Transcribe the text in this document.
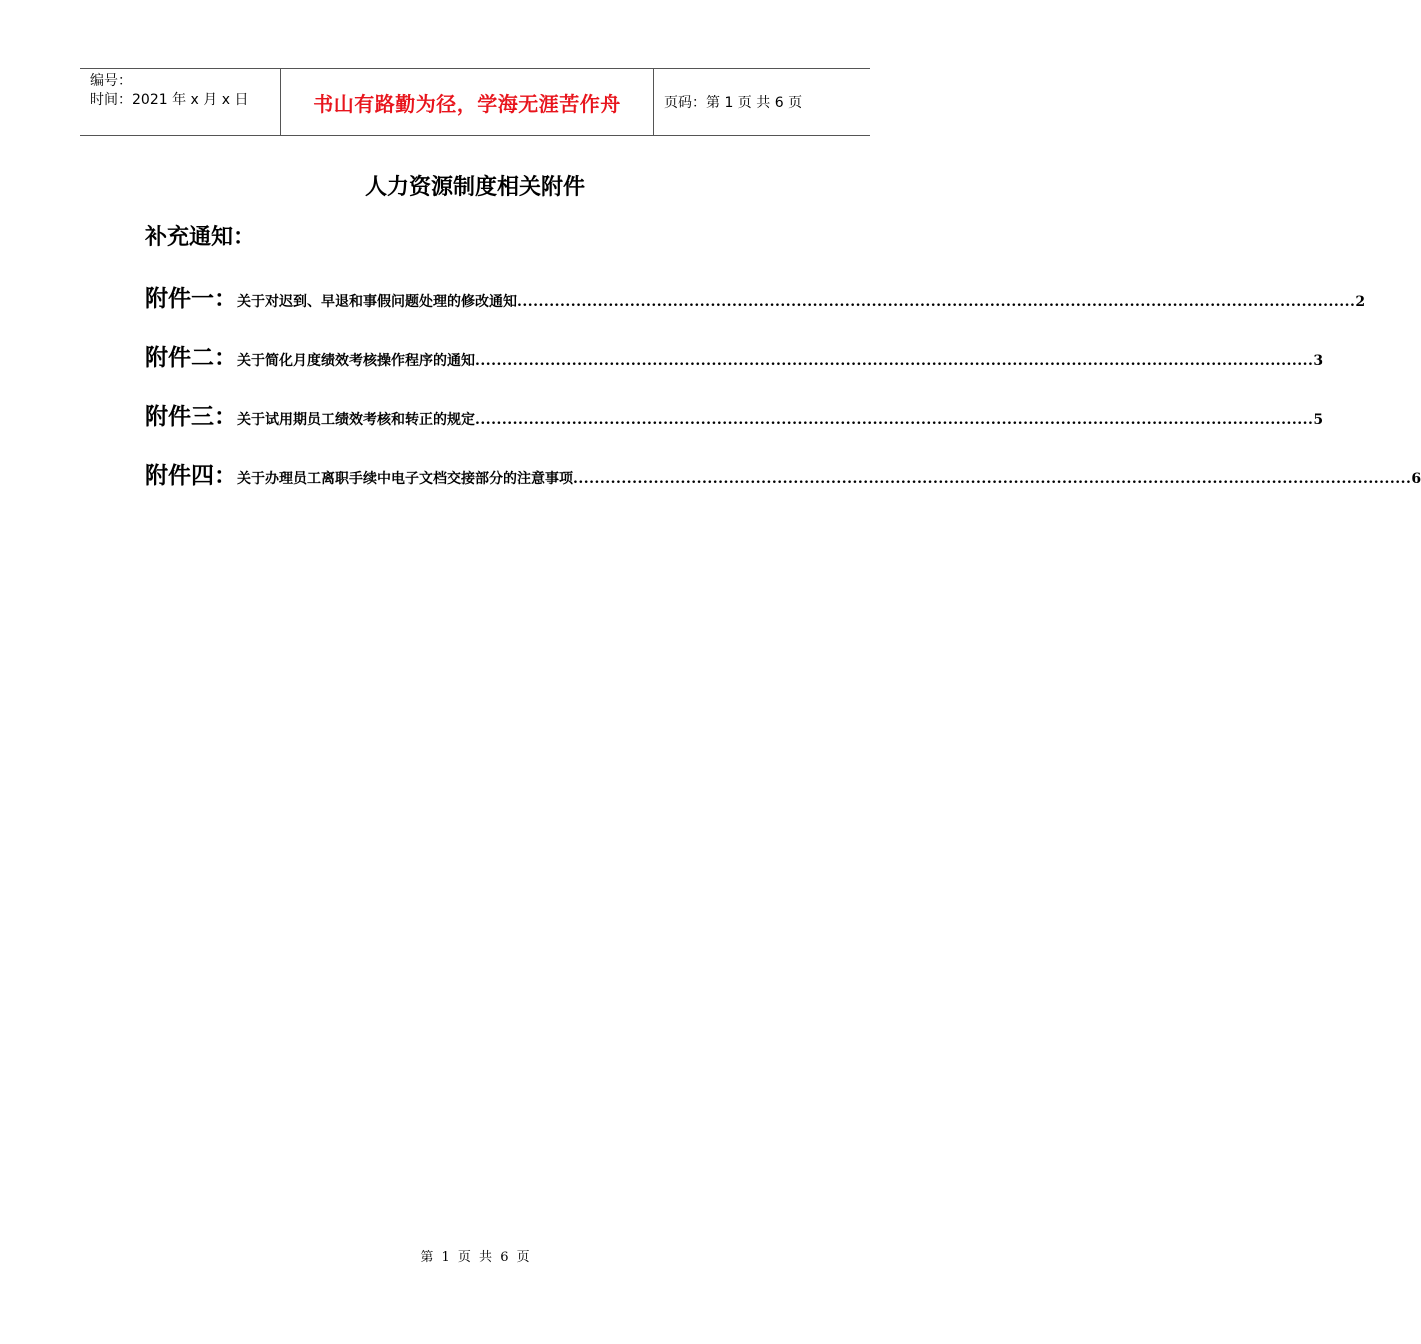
编号：
时间：2021 年 x 月 x 日	书山有路勤为径，学海无涯苦作舟	页码：第 1 页 共 6 页
人力资源制度相关附件
补充通知：
附件一： 关于对迟到、早退和事假问题处理的修改通知 ............................................................................................................................................................ 2
附件二： 关于简化月度绩效考核操作程序的通知 ............................................................................................................................................................ 3
附件三： 关于试用期员工绩效考核和转正的规定 ............................................................................................................................................................ 5
附件四： 关于办理员工离职手续中电子文档交接部分的注意事项 ............................................................................................................................................................ 6
第 1 页 共 6 页
